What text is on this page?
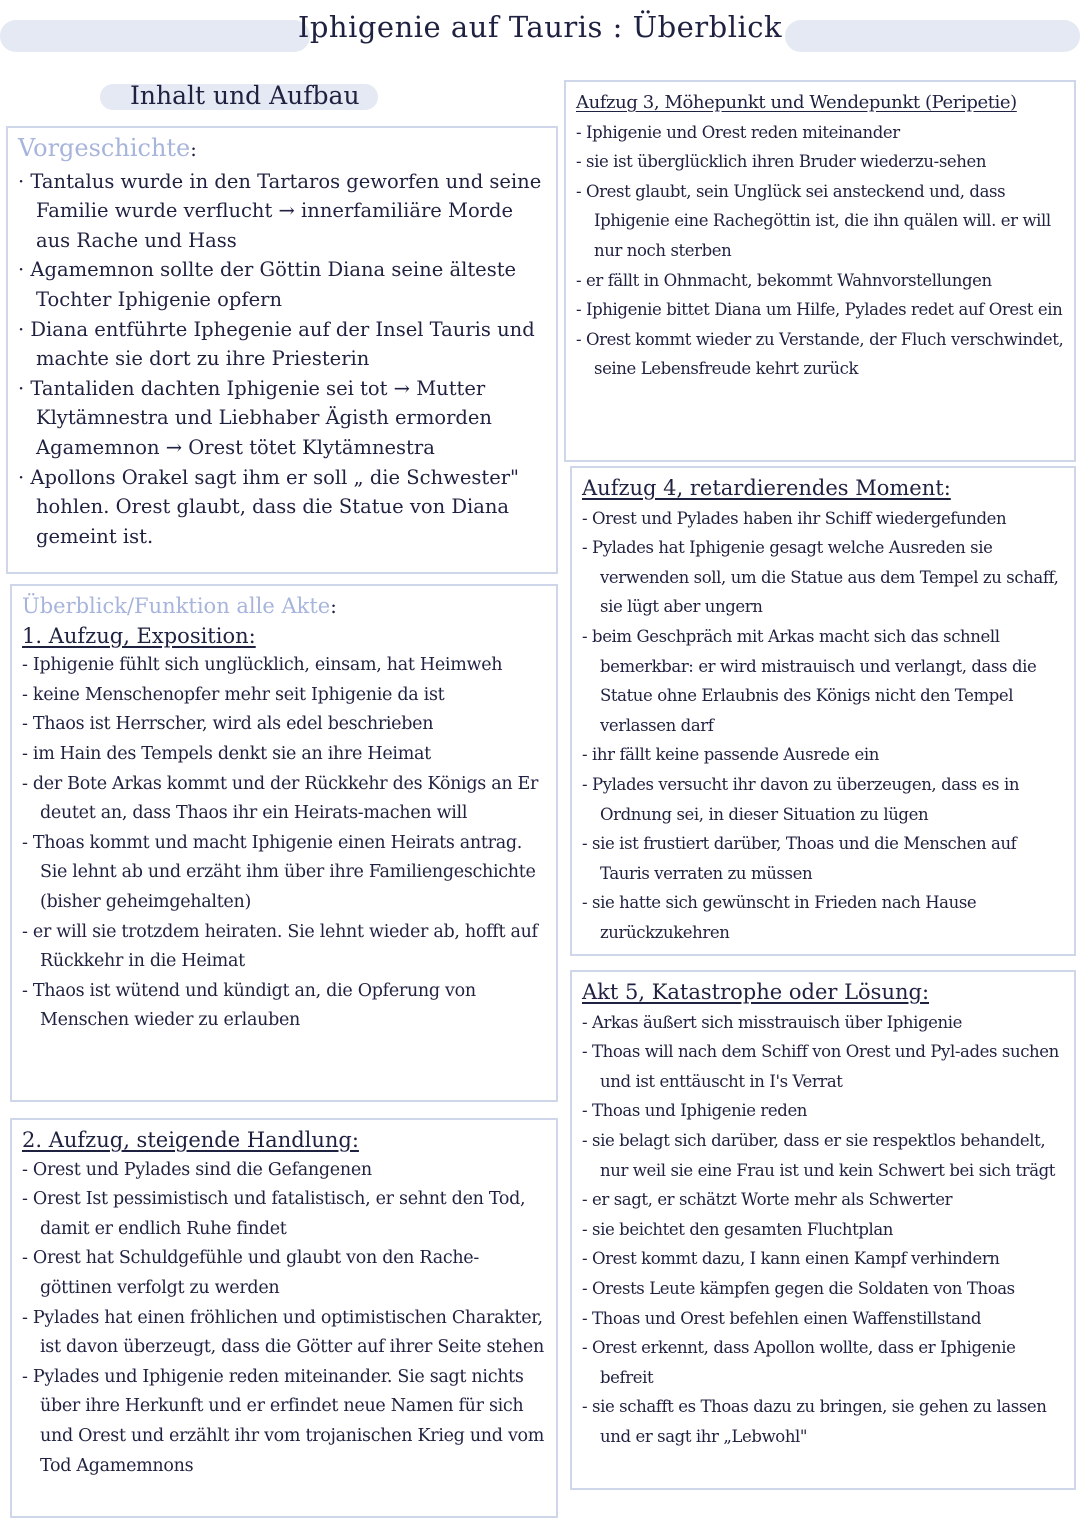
Iphigenie auf Tauris : Überblick
Inhalt und Aufbau

Vorgeschichte:

· Tantalus wurde in den Tartaros geworfen und seine Familie wurde verflucht → innerfamiliäre Morde aus Rache und Hass

· Agamemnon sollte der Göttin Diana seine älteste Tochter Iphigenie opfern

· Diana entführte Iphegenie auf der Insel Tauris und machte sie dort zu ihre Priesterin

· Tantaliden dachten Iphigenie sei tot → Mutter Klytämnestra und Liebhaber Ägisth ermorden Agamemnon → Orest tötet Klytämnestra

· Apollons Orakel sagt ihm er soll „ die Schwester" hohlen. Orest glaubt, dass die Statue von Diana gemeint ist.

Überblick/Funktion alle Akte:

1. Aufzug, Exposition:

- Iphigenie fühlt sich unglücklich, einsam, hat Heimweh

- keine Menschenopfer mehr seit Iphigenie da ist

- Thaos ist Herrscher, wird als edel beschrieben

- im Hain des Tempels denkt sie an ihre Heimat

- der Bote Arkas kommt und der Rückkehr des Königs an Er deutet an, dass Thaos ihr ein Heirats-machen will

- Thoas kommt und macht Iphigenie einen Heirats antrag. Sie lehnt ab und erzäht ihm über ihre Familiengeschichte (bisher geheimgehalten)

- er will sie trotzdem heiraten. Sie lehnt wieder ab, hofft auf Rückkehr in die Heimat

- Thaos ist wütend und kündigt an, die Opferung von Menschen wieder zu erlauben

2. Aufzug, steigende Handlung:

- Orest und Pylades sind die Gefangenen

- Orest Ist pessimistisch und fatalistisch, er sehnt den Tod, damit er endlich Ruhe findet

- Orest hat Schuldgefühle und glaubt von den Rache-göttinen verfolgt zu werden

- Pylades hat einen fröhlichen und optimistischen Charakter, ist davon überzeugt, dass die Götter auf ihrer Seite stehen

- Pylades und Iphigenie reden miteinander. Sie sagt nichts über ihre Herkunft und er erfindet neue Namen für sich und Orest und erzählt ihr vom trojanischen Krieg und vom Tod Agamemnons

Aufzug 3, Möhepunkt und Wendepunkt (Peripetie)

- Iphigenie und Orest reden miteinander

- sie ist überglücklich ihren Bruder wiederzu-sehen

- Orest glaubt, sein Unglück sei ansteckend und, dass Iphigenie eine Rachegöttin ist, die ihn quälen will. er will nur noch sterben

- er fällt in Ohnmacht, bekommt Wahnvorstellungen

- Iphigenie bittet Diana um Hilfe, Pylades redet auf Orest ein

- Orest kommt wieder zu Verstande, der Fluch verschwindet, seine Lebensfreude kehrt zurück

Aufzug 4, retardierendes Moment:

- Orest und Pylades haben ihr Schiff wiedergefunden

- Pylades hat Iphigenie gesagt welche Ausreden sie verwenden soll, um die Statue aus dem Tempel zu schaff, sie lügt aber ungern

- beim Geschpräch mit Arkas macht sich das schnell bemerkbar: er wird mistrauisch und verlangt, dass die Statue ohne Erlaubnis des Königs nicht den Tempel verlassen darf

- ihr fällt keine passende Ausrede ein

- Pylades versucht ihr davon zu überzeugen, dass es in Ordnung sei, in dieser Situation zu lügen

- sie ist frustiert darüber, Thoas und die Menschen auf Tauris verraten zu müssen

- sie hatte sich gewünscht in Frieden nach Hause zurückzukehren

Akt 5, Katastrophe oder Lösung:

- Arkas äußert sich misstrauisch über Iphigenie

- Thoas will nach dem Schiff von Orest und Pyl-ades suchen und ist enttäuscht in I's Verrat

- Thoas und Iphigenie reden

- sie belagt sich darüber, dass er sie respektlos behandelt, nur weil sie eine Frau ist und kein Schwert bei sich trägt

- er sagt, er schätzt Worte mehr als Schwerter

- sie beichtet den gesamten Fluchtplan

- Orest kommt dazu, I kann einen Kampf verhindern

- Orests Leute kämpfen gegen die Soldaten von Thoas

- Thoas und Orest befehlen einen Waffenstillstand

- Orest erkennt, dass Apollon wollte, dass er Iphigenie befreit

- sie schafft es Thoas dazu zu bringen, sie gehen zu lassen und er sagt ihr „Lebwohl"
